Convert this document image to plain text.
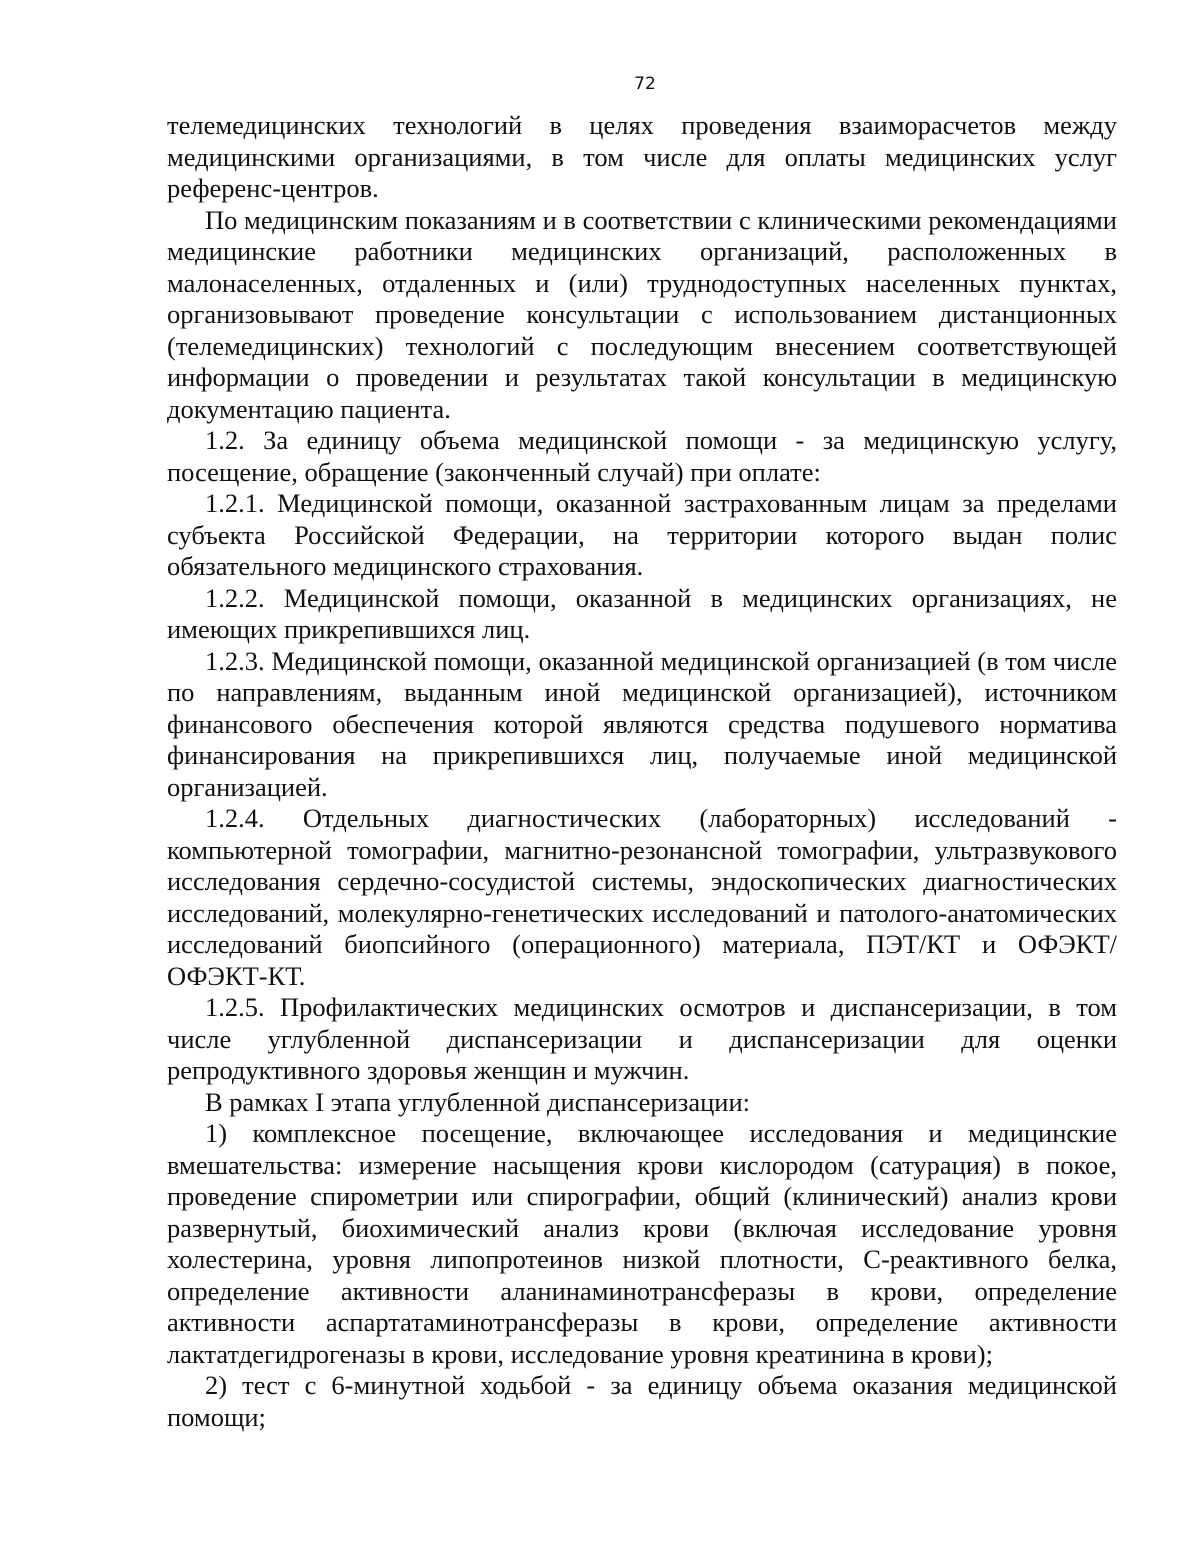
72

телемедицинских технологий в целях проведения взаиморасчетов между медицинскими организациями, в том числе для оплаты медицинских услуг референс-центров.

По медицинским показаниям и в соответствии с клиническими рекомендациями медицинские работники медицинских организаций, расположенных в малонаселенных, отдаленных и (или) труднодоступных населенных пунктах, организовывают проведение консультации с использованием дистанционных (телемедицинских) технологий с последующим внесением соответствующей информации о проведении и результатах такой консультации в медицинскую документацию пациента.

1.2. За единицу объема медицинской помощи - за медицинскую услугу, посещение, обращение (законченный случай) при оплате:

1.2.1. Медицинской помощи, оказанной застрахованным лицам за пределами субъекта Российской Федерации, на территории которого выдан полис обязательного медицинского страхования.

1.2.2. Медицинской помощи, оказанной в медицинских организациях, не имеющих прикрепившихся лиц.

1.2.3. Медицинской помощи, оказанной медицинской организацией (в том числе по направлениям, выданным иной медицинской организацией), источником финансового обеспечения которой являются средства подушевого норматива финансирования на прикрепившихся лиц, получаемые иной медицинской организацией.

1.2.4. Отдельных диагностических (лабораторных) исследований - компьютерной томографии, магнитно-резонансной томографии, ультразвукового исследования сердечно-сосудистой системы, эндоскопических диагностических исследований, молекулярно-генетических исследований и патолого-анатомических исследований биопсийного (операционного) материала, ПЭТ/КТ и ОФЭКТ/ОФЭКТ-КТ.

1.2.5. Профилактических медицинских осмотров и диспансеризации, в том числе углубленной диспансеризации и диспансеризации для оценки репродуктивного здоровья женщин и мужчин.

В рамках I этапа углубленной диспансеризации:

1) комплексное посещение, включающее исследования и медицинские вмешательства: измерение насыщения крови кислородом (сатурация) в покое, проведение спирометрии или спирографии, общий (клинический) анализ крови развернутый, биохимический анализ крови (включая исследование уровня холестерина, уровня липопротеинов низкой плотности, С-реактивного белка, определение активности аланинаминотрансферазы в крови, определение активности аспартатаминотрансферазы в крови, определение активности лактатдегидрогеназы в крови, исследование уровня креатинина в крови);

2) тест с 6-минутной ходьбой - за единицу объема оказания медицинской помощи;
